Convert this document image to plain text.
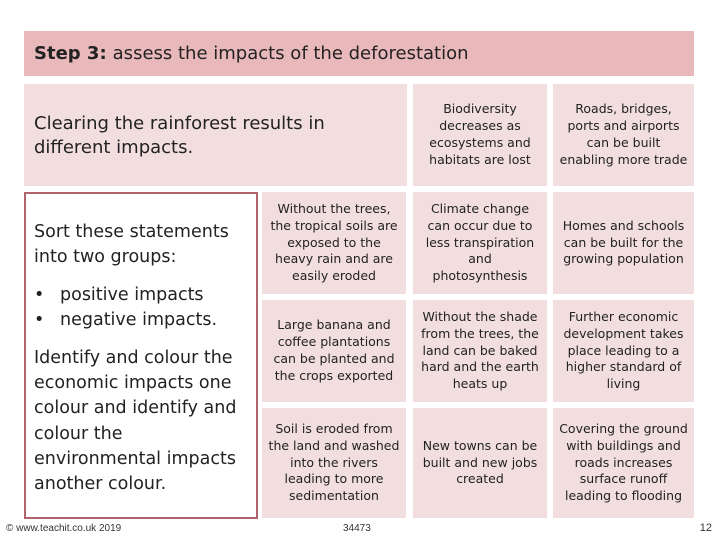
Step 3: assess the impacts of the deforestation
Clearing the rainforest results in different impacts.

Sort these statements into two groups:

• positive impacts
• negative impacts.

Identify and colour the economic impacts one colour and identify and colour the environmental impacts another colour.

Biodiversity decreases as ecosystems and habitats are lost
Roads, bridges, ports and airports can be built enabling more trade
Without the trees, the tropical soils are exposed to the heavy rain and are easily eroded
Climate change can occur due to less transpiration and photosynthesis
Homes and schools can be built for the growing population
Large banana and coffee plantations can be planted and the crops exported
Without the shade from the trees, the land can be baked hard and the earth heats up
Further economic development takes place leading to a higher standard of living
Soil is eroded from the land and washed into the rivers leading to more sedimentation
New towns can be built and new jobs created
Covering the ground with buildings and roads increases surface runoff leading to flooding
© www.teachit.co.uk 2019	34473	12
